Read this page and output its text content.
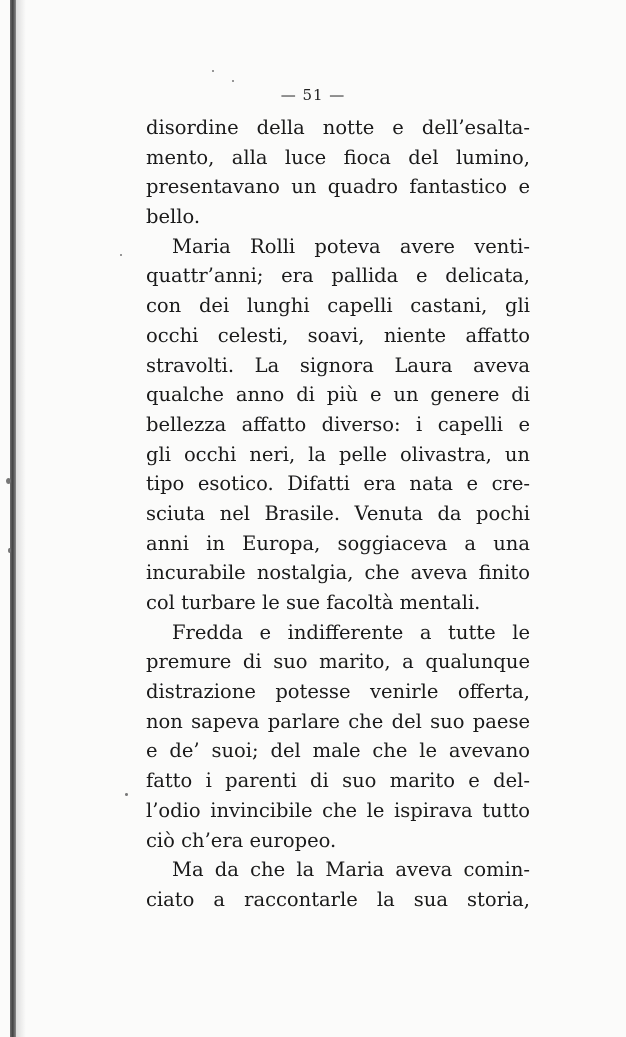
— 51 —
disordine della notte e dell’esalta-
mento, alla luce fioca del lumino,
presentavano un quadro fantastico e
bello.
Maria Rolli poteva avere venti-
quattr’anni; era pallida e delicata,
con dei lunghi capelli castani, gli
occhi celesti, soavi, niente affatto
stravolti. La signora Laura aveva
qualche anno di più e un genere di
bellezza affatto diverso: i capelli e
gli occhi neri, la pelle olivastra, un
tipo esotico. Difatti era nata e cre-
sciuta nel Brasile. Venuta da pochi
anni in Europa, soggiaceva a una
incurabile nostalgia, che aveva finito
col turbare le sue facoltà mentali.
Fredda e indifferente a tutte le
premure di suo marito, a qualunque
distrazione potesse venirle offerta,
non sapeva parlare che del suo paese
e de’ suoi; del male che le avevano
fatto i parenti di suo marito e del-
l’odio invincibile che le ispirava tutto
ciò ch’era europeo.
Ma da che la Maria aveva comin-
ciato a raccontarle la sua storia,
